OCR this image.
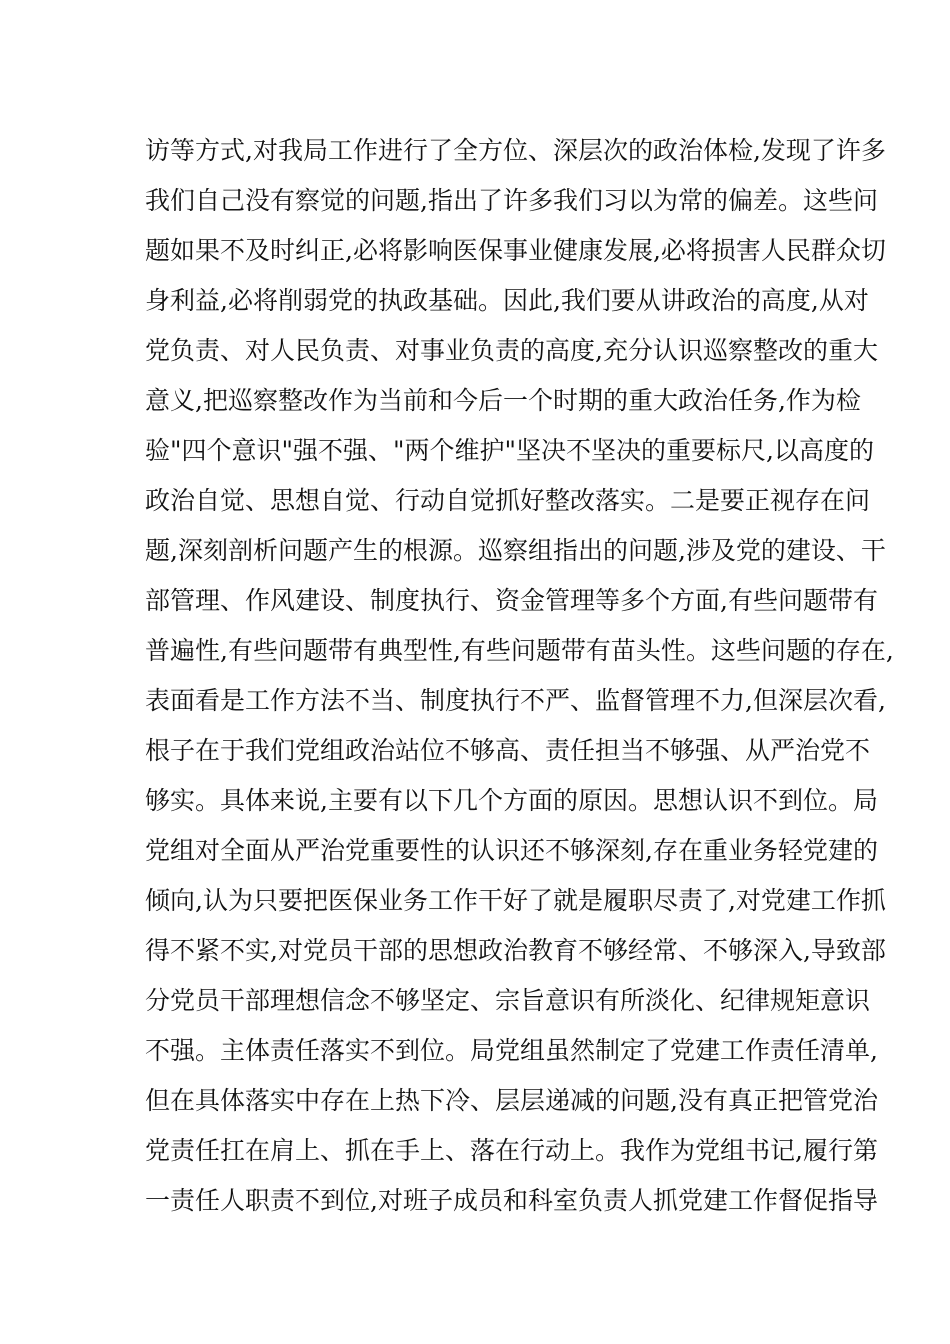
访等方式,对我局工作进行了全方位、深层次的政治体检,发现了许多
我们自己没有察觉的问题,指出了许多我们习以为常的偏差。这些问
题如果不及时纠正,必将影响医保事业健康发展,必将损害人民群众切
身利益,必将削弱党的执政基础。因此,我们要从讲政治的高度,从对
党负责、对人民负责、对事业负责的高度,充分认识巡察整改的重大
意义,把巡察整改作为当前和今后一个时期的重大政治任务,作为检
验"四个意识"强不强、"两个维护"坚决不坚决的重要标尺,以高度的
政治自觉、思想自觉、行动自觉抓好整改落实。二是要正视存在问
题,深刻剖析问题产生的根源。巡察组指出的问题,涉及党的建设、干
部管理、作风建设、制度执行、资金管理等多个方面,有些问题带有
普遍性,有些问题带有典型性,有些问题带有苗头性。这些问题的存在,
表面看是工作方法不当、制度执行不严、监督管理不力,但深层次看,
根子在于我们党组政治站位不够高、责任担当不够强、从严治党不
够实。具体来说,主要有以下几个方面的原因。思想认识不到位。局
党组对全面从严治党重要性的认识还不够深刻,存在重业务轻党建的
倾向,认为只要把医保业务工作干好了就是履职尽责了,对党建工作抓
得不紧不实,对党员干部的思想政治教育不够经常、不够深入,导致部
分党员干部理想信念不够坚定、宗旨意识有所淡化、纪律规矩意识
不强。主体责任落实不到位。局党组虽然制定了党建工作责任清单,
但在具体落实中存在上热下冷、层层递减的问题,没有真正把管党治
党责任扛在肩上、抓在手上、落在行动上。我作为党组书记,履行第
一责任人职责不到位,对班子成员和科室负责人抓党建工作督促指导
